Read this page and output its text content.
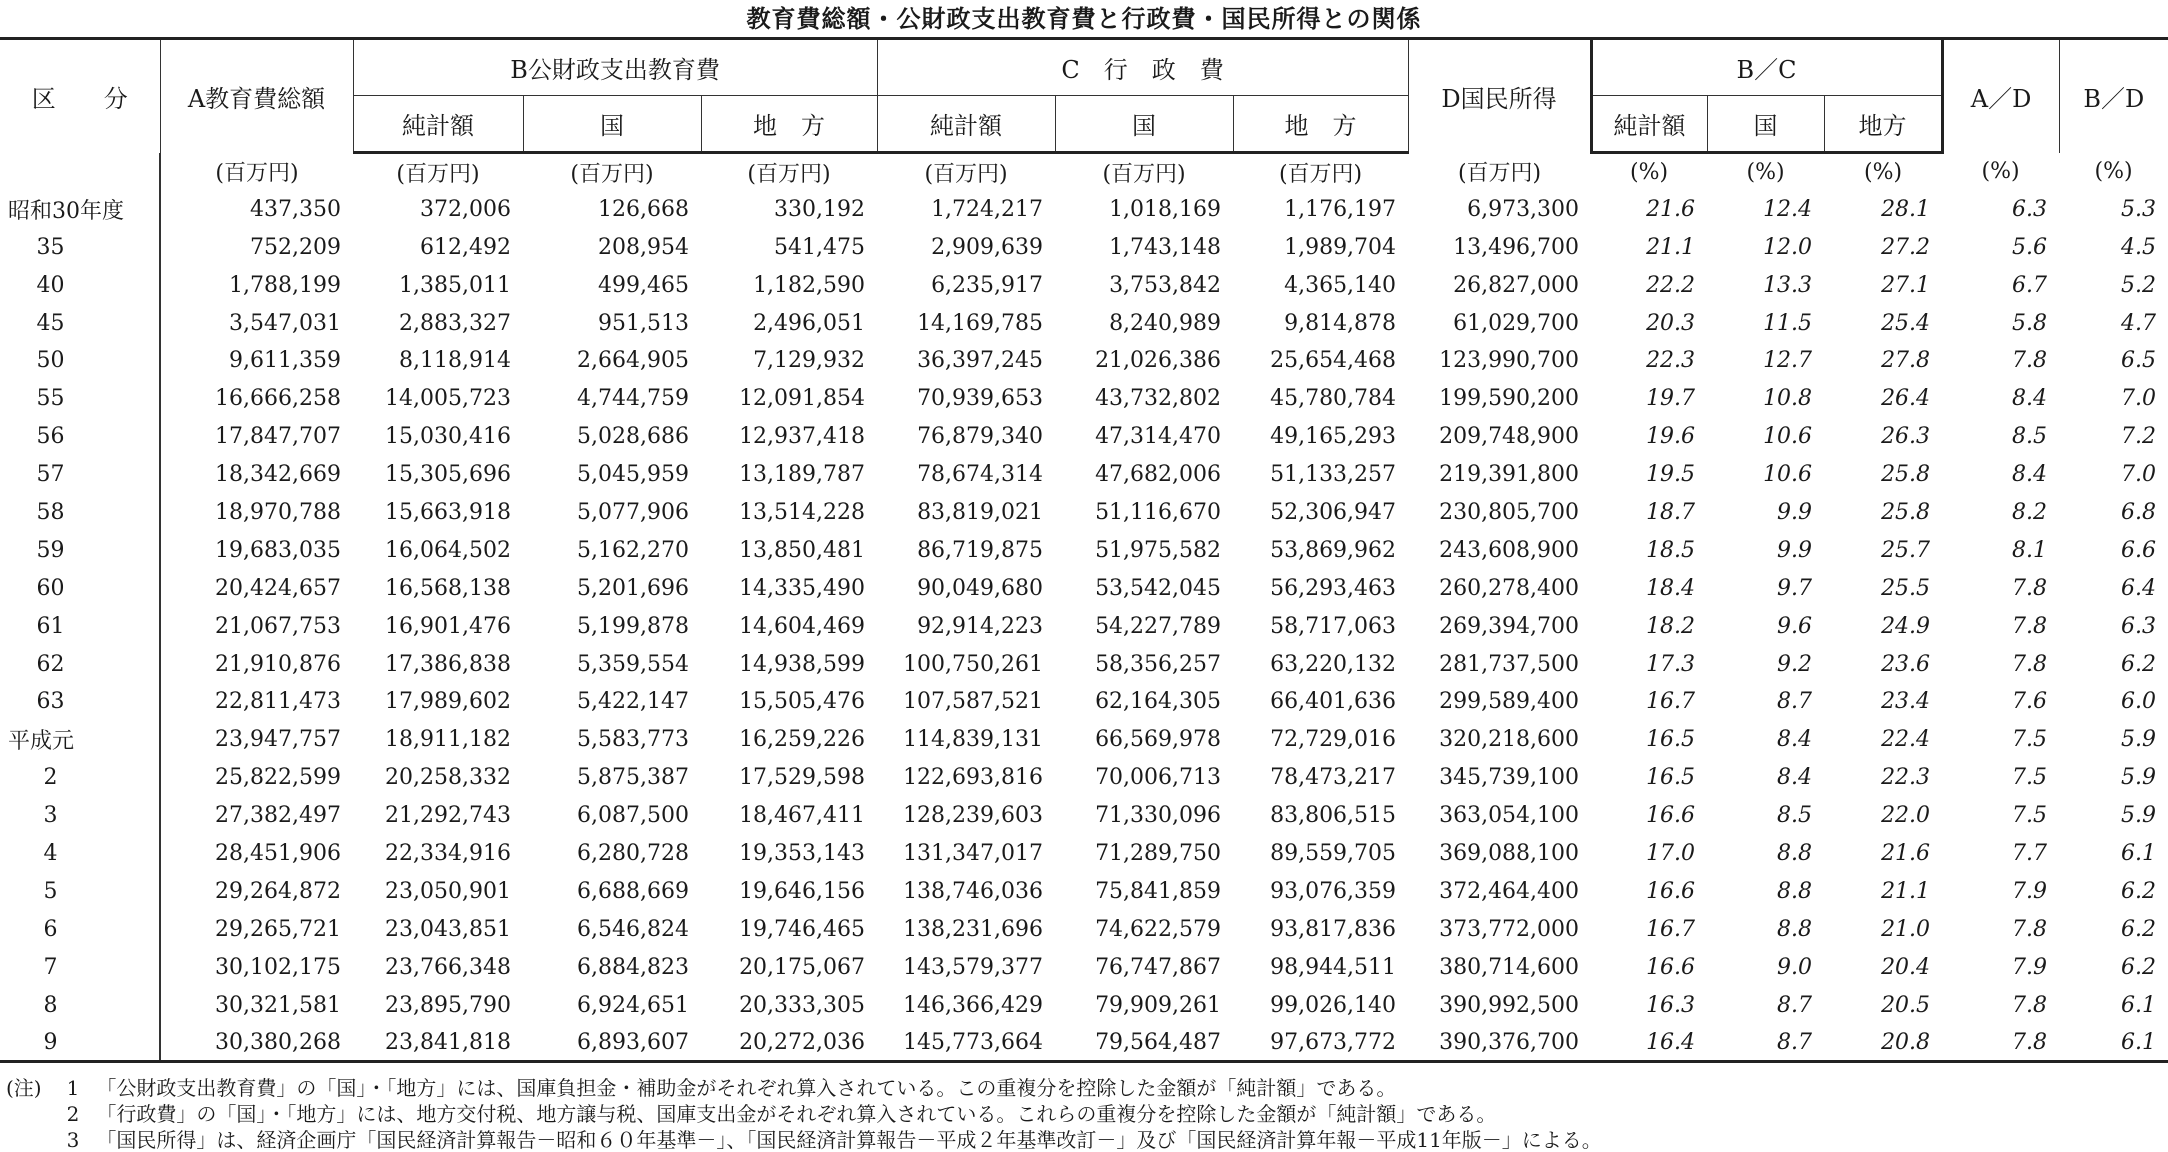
教育費総額・公財政支出教育費と行政費・国民所得との関係
区　　分	A教育費総額	B公財政支出教育費			C　行　政　費			D国民所得	B／C			A／D	B／D
		純計額	国	地　方	純計額	国	地　方		純計額	国	地方		
	(百万円)	(百万円)	(百万円)	(百万円)	(百万円)	(百万円)	(百万円)	(百万円)	(%)	(%)	(%)	(%)	(%)
昭和30年度	437,350	372,006	126,668	330,192	1,724,217	1,018,169	1,176,197	6,973,300	21.6	12.4	28.1	6.3	5.3
35	752,209	612,492	208,954	541,475	2,909,639	1,743,148	1,989,704	13,496,700	21.1	12.0	27.2	5.6	4.5
40	1,788,199	1,385,011	499,465	1,182,590	6,235,917	3,753,842	4,365,140	26,827,000	22.2	13.3	27.1	6.7	5.2
45	3,547,031	2,883,327	951,513	2,496,051	14,169,785	8,240,989	9,814,878	61,029,700	20.3	11.5	25.4	5.8	4.7
50	9,611,359	8,118,914	2,664,905	7,129,932	36,397,245	21,026,386	25,654,468	123,990,700	22.3	12.7	27.8	7.8	6.5
55	16,666,258	14,005,723	4,744,759	12,091,854	70,939,653	43,732,802	45,780,784	199,590,200	19.7	10.8	26.4	8.4	7.0
56	17,847,707	15,030,416	5,028,686	12,937,418	76,879,340	47,314,470	49,165,293	209,748,900	19.6	10.6	26.3	8.5	7.2
57	18,342,669	15,305,696	5,045,959	13,189,787	78,674,314	47,682,006	51,133,257	219,391,800	19.5	10.6	25.8	8.4	7.0
58	18,970,788	15,663,918	5,077,906	13,514,228	83,819,021	51,116,670	52,306,947	230,805,700	18.7	9.9	25.8	8.2	6.8
59	19,683,035	16,064,502	5,162,270	13,850,481	86,719,875	51,975,582	53,869,962	243,608,900	18.5	9.9	25.7	8.1	6.6
60	20,424,657	16,568,138	5,201,696	14,335,490	90,049,680	53,542,045	56,293,463	260,278,400	18.4	9.7	25.5	7.8	6.4
61	21,067,753	16,901,476	5,199,878	14,604,469	92,914,223	54,227,789	58,717,063	269,394,700	18.2	9.6	24.9	7.8	6.3
62	21,910,876	17,386,838	5,359,554	14,938,599	100,750,261	58,356,257	63,220,132	281,737,500	17.3	9.2	23.6	7.8	6.2
63	22,811,473	17,989,602	5,422,147	15,505,476	107,587,521	62,164,305	66,401,636	299,589,400	16.7	8.7	23.4	7.6	6.0
平成元	23,947,757	18,911,182	5,583,773	16,259,226	114,839,131	66,569,978	72,729,016	320,218,600	16.5	8.4	22.4	7.5	5.9
2	25,822,599	20,258,332	5,875,387	17,529,598	122,693,816	70,006,713	78,473,217	345,739,100	16.5	8.4	22.3	7.5	5.9
3	27,382,497	21,292,743	6,087,500	18,467,411	128,239,603	71,330,096	83,806,515	363,054,100	16.6	8.5	22.0	7.5	5.9
4	28,451,906	22,334,916	6,280,728	19,353,143	131,347,017	71,289,750	89,559,705	369,088,100	17.0	8.8	21.6	7.7	6.1
5	29,264,872	23,050,901	6,688,669	19,646,156	138,746,036	75,841,859	93,076,359	372,464,400	16.6	8.8	21.1	7.9	6.2
6	29,265,721	23,043,851	6,546,824	19,746,465	138,231,696	74,622,579	93,817,836	373,772,000	16.7	8.8	21.0	7.8	6.2
7	30,102,175	23,766,348	6,884,823	20,175,067	143,579,377	76,747,867	98,944,511	380,714,600	16.6	9.0	20.4	7.9	6.2
8	30,321,581	23,895,790	6,924,651	20,333,305	146,366,429	79,909,261	99,026,140	390,992,500	16.3	8.7	20.5	7.8	6.1
9	30,380,268	23,841,818	6,893,607	20,272,036	145,773,664	79,564,487	97,673,772	390,376,700	16.4	8.7	20.8	7.8	6.1
(注) 1 「公財政支出教育費」の「国」・「地方」には、国庫負担金・補助金がそれぞれ算入されている。この重複分を控除した金額が「純計額」である。
2 「行政費」の「国」・「地方」には、地方交付税、地方譲与税、国庫支出金がそれぞれ算入されている。これらの重複分を控除した金額が「純計額」である。
3 「国民所得」は、経済企画庁「国民経済計算報告－昭和６０年基準－」、「国民経済計算報告－平成２年基準改訂－」及び「国民経済計算年報－平成11年版－」による。
